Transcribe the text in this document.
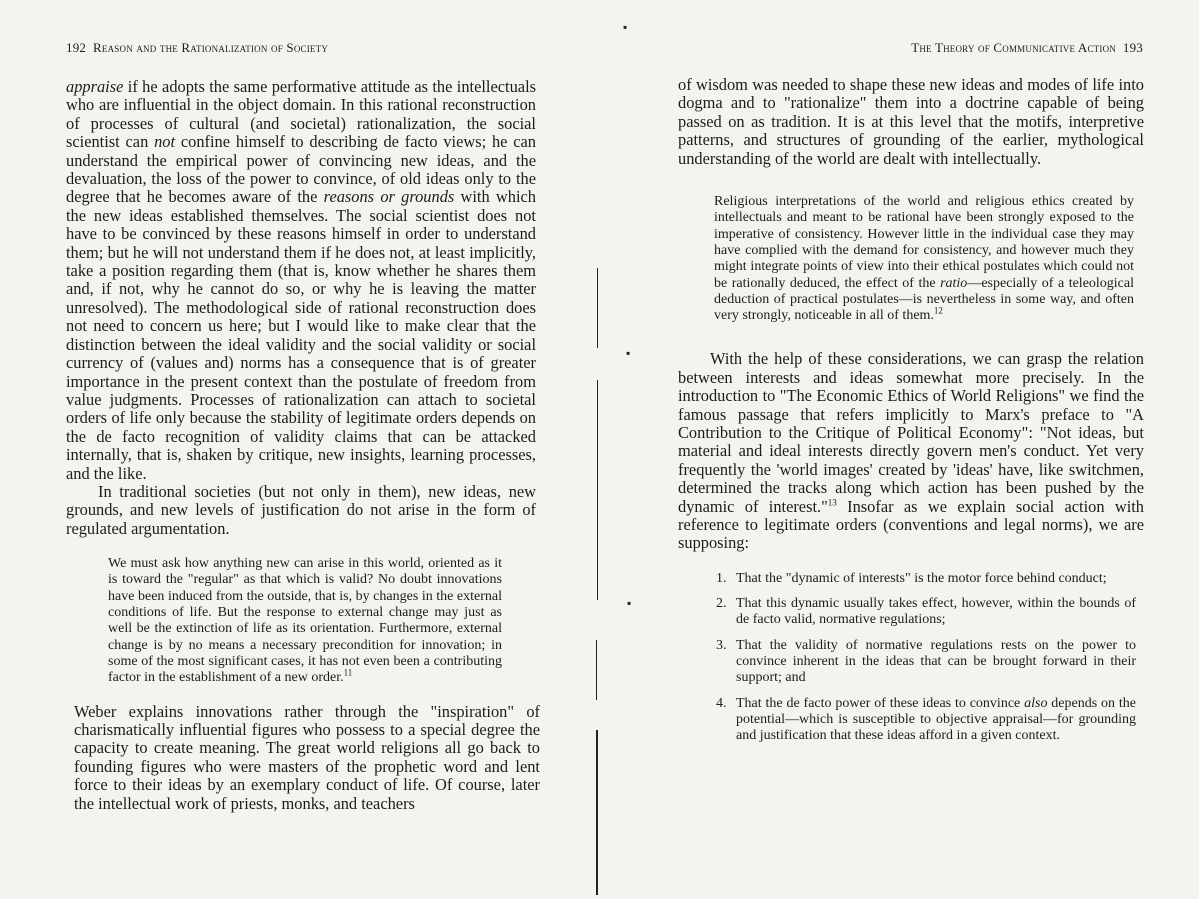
192 Reason and the Rationalization of Society

appraise if he adopts the same performative attitude as the intellectuals who are influential in the object domain. In this rational reconstruction of processes of cultural (and societal) rationalization, the social scientist can not confine himself to describing de facto views; he can understand the empirical power of convincing new ideas, and the devaluation, the loss of the power to convince, of old ideas only to the degree that he becomes aware of the reasons or grounds with which the new ideas established themselves. The social scientist does not have to be convinced by these reasons himself in order to understand them; but he will not understand them if he does not, at least implicitly, take a position regarding them (that is, know whether he shares them and, if not, why he cannot do so, or why he is leaving the matter unresolved). The methodological side of rational reconstruction does not need to concern us here; but I would like to make clear that the distinction between the ideal validity and the social validity or social currency of (values and) norms has a consequence that is of greater importance in the present context than the postulate of freedom from value judgments. Processes of rationalization can attach to societal orders of life only because the stability of legitimate orders depends on the de facto recognition of validity claims that can be attacked internally, that is, shaken by critique, new insights, learning processes, and the like.

In traditional societies (but not only in them), new ideas, new grounds, and new levels of justification do not arise in the form of regulated argumentation.

We must ask how anything new can arise in this world, oriented as it is toward the "regular" as that which is valid? No doubt innovations have been induced from the outside, that is, by changes in the external conditions of life. But the response to external change may just as well be the extinction of life as its orientation. Furthermore, external change is by no means a necessary precondition for innovation; in some of the most significant cases, it has not even been a contributing factor in the establishment of a new order.$^{11}$

Weber explains innovations rather through the "inspiration" of charismatically influential figures who possess to a special degree the capacity to create meaning. The great world religions all go back to founding figures who were masters of the prophetic word and lent force to their ideas by an exemplary conduct of life. Of course, later the intellectual work of priests, monks, and teachers

▪
▪
▪
The Theory of Communicative Action 193

of wisdom was needed to shape these new ideas and modes of life into dogma and to "rationalize" them into a doctrine capable of being passed on as tradition. It is at this level that the motifs, interpretive patterns, and structures of grounding of the earlier, mythological understanding of the world are dealt with intellectually.

Religious interpretations of the world and religious ethics created by intellectuals and meant to be rational have been strongly exposed to the imperative of consistency. However little in the individual case they may have complied with the demand for consistency, and however much they might integrate points of view into their ethical postulates which could not be rationally deduced, the effect of the ratio—especially of a teleological deduction of practical postulates—is nevertheless in some way, and often very strongly, noticeable in all of them.$^{12}$

With the help of these considerations, we can grasp the relation between interests and ideas somewhat more precisely. In the introduction to "The Economic Ethics of World Religions" we find the famous passage that refers implicitly to Marx's preface to "A Contribution to the Critique of Political Economy": "Not ideas, but material and ideal interests directly govern men's conduct. Yet very frequently the 'world images' created by 'ideas' have, like switchmen, determined the tracks along which action has been pushed by the dynamic of interest."$^{13}$ Insofar as we explain social action with reference to legitimate orders (conventions and legal norms), we are supposing:

1. That the "dynamic of interests" is the motor force behind conduct;
2. That this dynamic usually takes effect, however, within the bounds of de facto valid, normative regulations;
3. That the validity of normative regulations rests on the power to convince inherent in the ideas that can be brought forward in their support; and
4. That the de facto power of these ideas to convince also depends on the potential—which is susceptible to objective appraisal—for grounding and justification that these ideas afford in a given context.
